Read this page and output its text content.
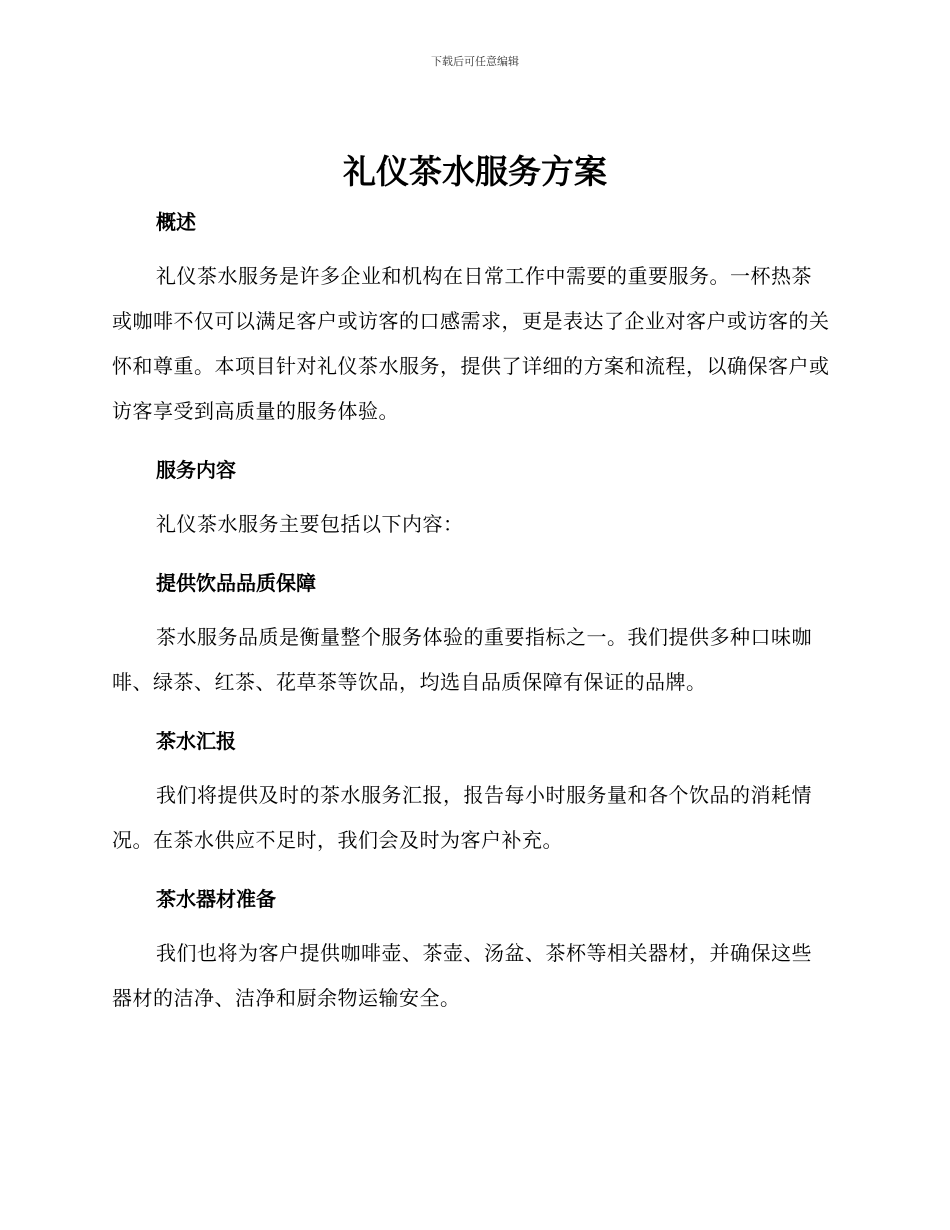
下载后可任意编辑
礼仪茶水服务方案
概述

礼仪茶水服务是许多企业和机构在日常工作中需要的重要服务。一杯热茶或咖啡不仅可以满足客户或访客的口感需求，更是表达了企业对客户或访客的关怀和尊重。本项目针对礼仪茶水服务，提供了详细的方案和流程，以确保客户或访客享受到高质量的服务体验。

服务内容

礼仪茶水服务主要包括以下内容：

提供饮品品质保障

茶水服务品质是衡量整个服务体验的重要指标之一。我们提供多种口味咖啡、绿茶、红茶、花草茶等饮品，均选自品质保障有保证的品牌。

茶水汇报

我们将提供及时的茶水服务汇报，报告每小时服务量和各个饮品的消耗情况。在茶水供应不足时，我们会及时为客户补充。

茶水器材准备

我们也将为客户提供咖啡壶、茶壶、汤盆、茶杯等相关器材，并确保这些器材的洁净、洁净和厨余物运输安全。
